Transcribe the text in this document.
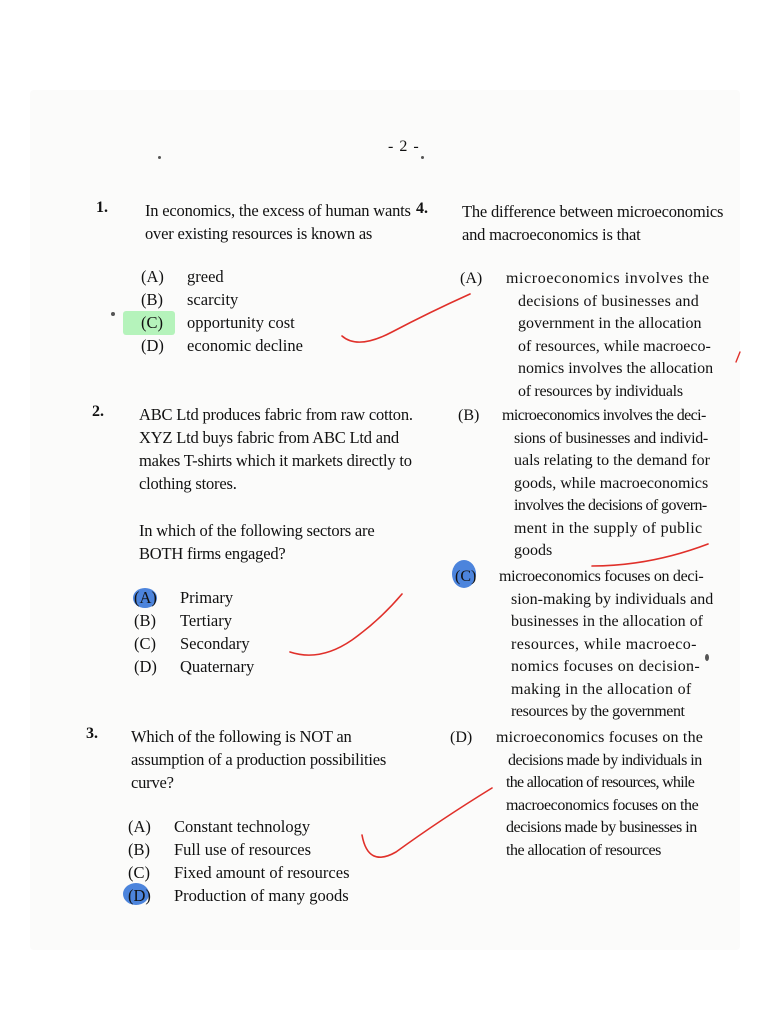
- 2 -
1. In economics, the excess of human wants
over existing resources is known as
(A) greed
(B) scarcity
(C) opportunity cost
(D) economic decline
2. ABC Ltd produces fabric from raw cotton.
XYZ Ltd buys fabric from ABC Ltd and
makes T-shirts which it markets directly to
clothing stores.
In which of the following sectors are
BOTH firms engaged?
(A) Primary
(B) Tertiary
(C) Secondary
(D) Quaternary
3. Which of the following is NOT an
assumption of a production possibilities
curve?
(A) Constant technology
(B) Full use of resources
(C) Fixed amount of resources
(D) Production of many goods
4. The difference between microeconomics
and macroeconomics is that
(A)	microeconomics involves the
decisions of businesses and
government in the allocation
of resources, while macroeco-
nomics involves the allocation
of resources by individuals
(B)	microeconomics involves the deci-
sions of businesses and individ-
uals relating to the demand for
goods, while macroeconomics
involves the decisions of govern-
ment in the supply of public
goods
(C)	microeconomics focuses on deci-
sion-making by individuals and
businesses in the allocation of
resources, while macroeco-
nomics focuses on decision-
making in the allocation of
resources by the government
(D)	microeconomics focuses on the
decisions made by individuals in
the allocation of resources, while
macroeconomics focuses on the
decisions made by businesses in
the allocation of resources
